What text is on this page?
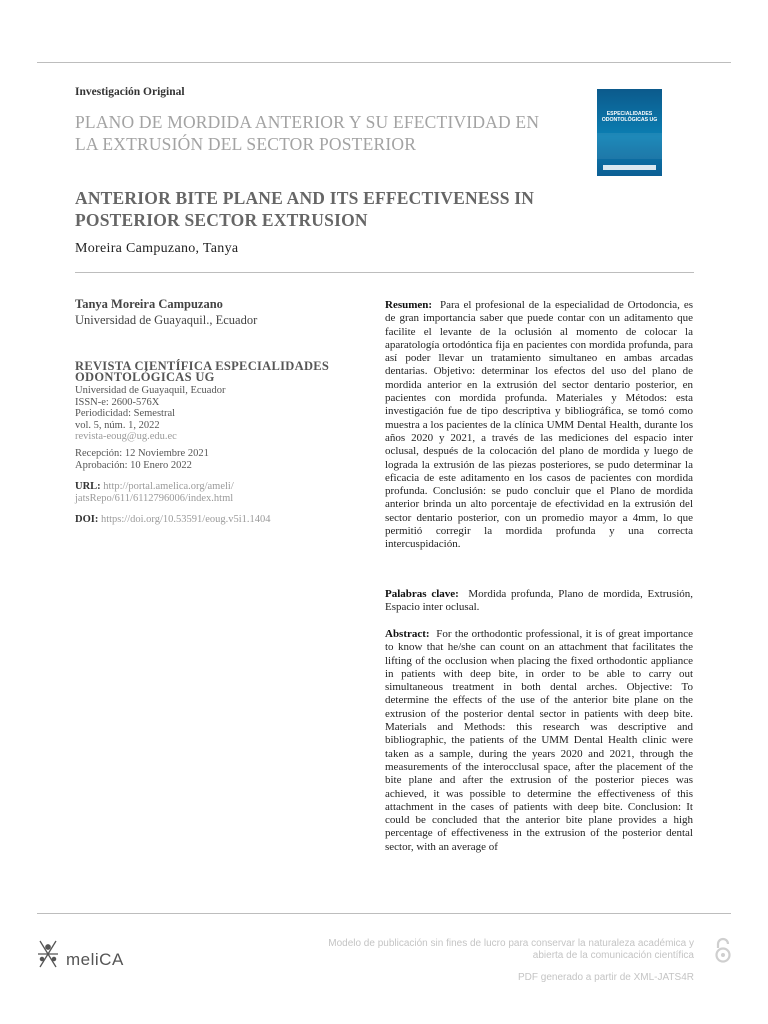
Investigación Original
PLANO DE MORDIDA ANTERIOR Y SU EFECTIVIDAD EN LA EXTRUSIÓN DEL SECTOR POSTERIOR
ANTERIOR BITE PLANE AND ITS EFFECTIVENESS IN POSTERIOR SECTOR EXTRUSION
Moreira Campuzano, Tanya
ESPECIALIDADES
ODONTOLÓGICAS UG
Tanya Moreira Campuzano
Universidad de Guayaquil., Ecuador
REVISTA CIENTÍFICA ESPECIALIDADES ODONTOLÓGICAS UG
Universidad de Guayaquil, Ecuador
ISSN-e: 2600-576X
Periodicidad: Semestral
vol. 5, núm. 1, 2022
revista-eoug@ug.edu.ec
Recepción: 12 Noviembre 2021
Aprobación: 10 Enero 2022
URL: http://portal.amelica.org/ameli/
jatsRepo/611/6112796006/index.html
DOI: https://doi.org/10.53591/eoug.v5i1.1404
Resumen: Para el profesional de la especialidad de Ortodoncia, es de gran importancia saber que puede contar con un aditamento que facilite el levante de la oclusión al momento de colocar la aparatología ortodóntica fija en pacientes con mordida profunda, para así poder llevar un tratamiento simultaneo en ambas arcadas dentarias. Objetivo: determinar los efectos del uso del plano de mordida anterior en la extrusión del sector dentario posterior, en pacientes con mordida profunda. Materiales y Métodos: esta investigación fue de tipo descriptiva y bibliográfica, se tomó como muestra a los pacientes de la clínica UMM Dental Health, durante los años 2020 y 2021, a través de las mediciones del espacio inter oclusal, después de la colocación del plano de mordida y luego de lograda la extrusión de las piezas posteriores, se pudo determinar la eficacia de este aditamento en los casos de pacientes con mordida profunda. Conclusión: se pudo concluir que el Plano de mordida anterior brinda un alto porcentaje de efectividad en la extrusión del sector dentario posterior, con un promedio mayor a 4mm, lo que permitió corregir la mordida profunda y una correcta intercuspidación.
Palabras clave: Mordida profunda, Plano de mordida, Extrusión, Espacio inter oclusal.
Abstract: For the orthodontic professional, it is of great importance to know that he/she can count on an attachment that facilitates the lifting of the occlusion when placing the fixed orthodontic appliance in patients with deep bite, in order to be able to carry out simultaneous treatment in both dental arches. Objective: To determine the effects of the use of the anterior bite plane on the extrusion of the posterior dental sector in patients with deep bite. Materials and Methods: this research was descriptive and bibliographic, the patients of the UMM Dental Health clinic were taken as a sample, during the years 2020 and 2021, through the measurements of the interocclusal space, after the placement of the bite plane and after the extrusion of the posterior pieces was achieved, it was possible to determine the effectiveness of this attachment in the cases of patients with deep bite. Conclusion: It could be concluded that the anterior bite plane provides a high percentage of effectiveness in the extrusion of the posterior dental sector, with an average of
meliCA
Modelo de publicación sin fines de lucro para conservar la naturaleza académica y
abierta de la comunicación científica
PDF generado a partir de XML-JATS4R
